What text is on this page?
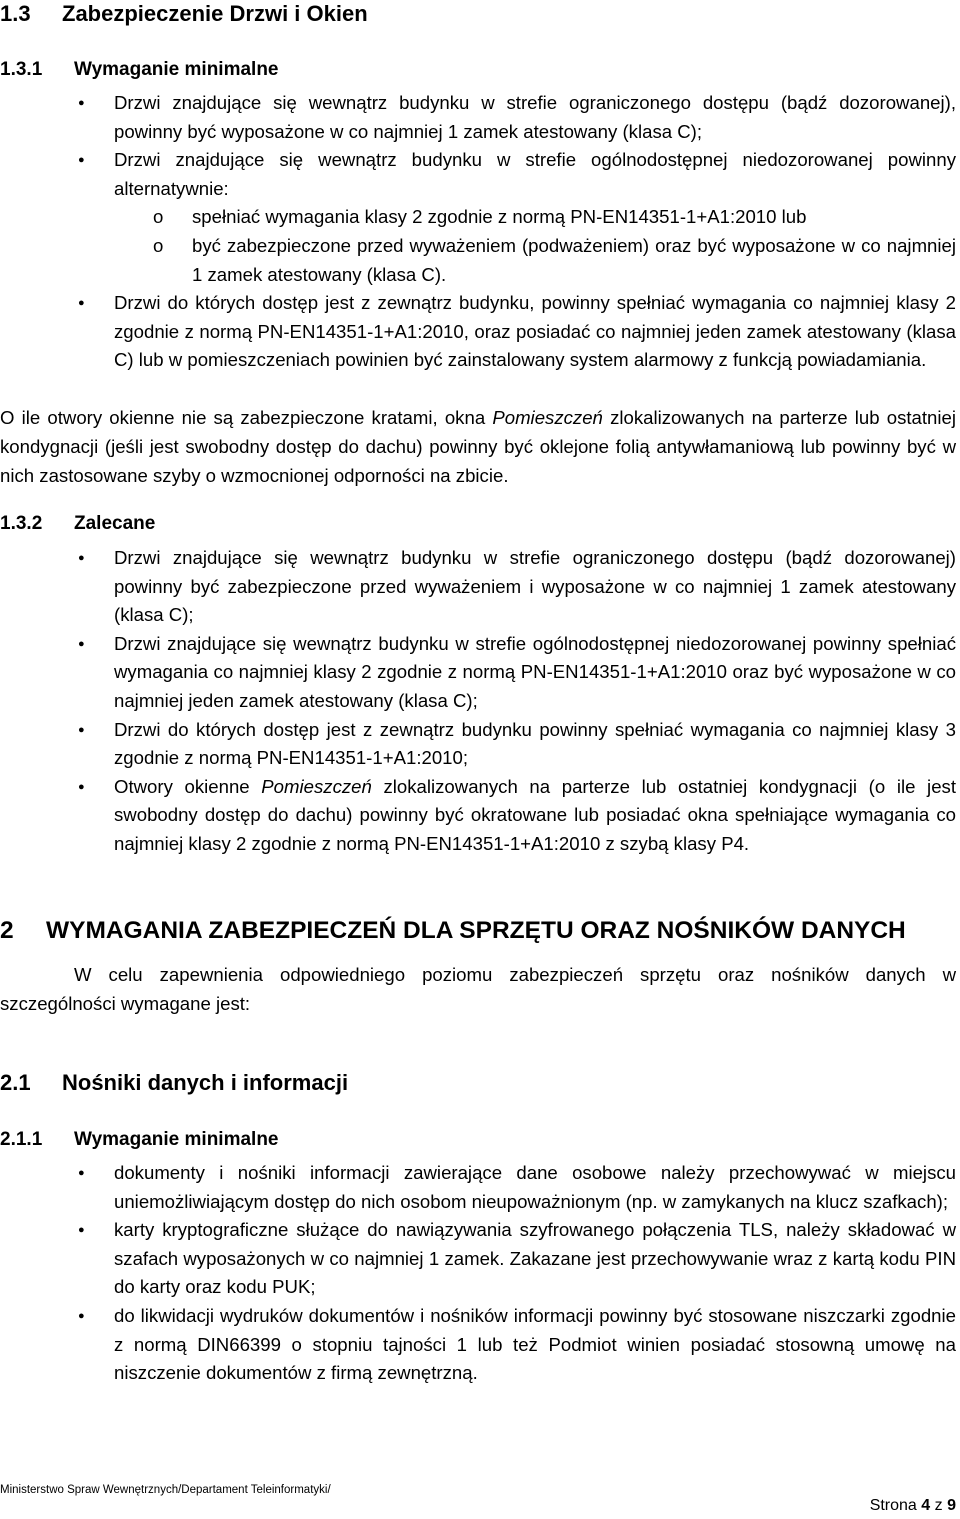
1.3 Zabezpieczenie Drzwi i Okien
1.3.1 Wymaganie minimalne
● Drzwi znajdujące się wewnątrz budynku w strefie ograniczonego dostępu (bądź dozorowanej), powinny być wyposażone w co najmniej 1 zamek atestowany (klasa C);
● Drzwi znajdujące się wewnątrz budynku w strefie ogólnodostępnej niedozorowanej powinny alternatywnie:
o spełniać wymagania klasy 2 zgodnie z normą PN-EN14351-1+A1:2010 lub
o być zabezpieczone przed wyważeniem (podważeniem) oraz być wyposażone w co najmniej 1 zamek atestowany (klasa C).
● Drzwi do których dostęp jest z zewnątrz budynku, powinny spełniać wymagania co najmniej klasy 2 zgodnie z normą PN-EN14351-1+A1:2010, oraz posiadać co najmniej jeden zamek atestowany (klasa C) lub w pomieszczeniach powinien być zainstalowany system alarmowy z funkcją powiadamiania.

O ile otwory okienne nie są zabezpieczone kratami, okna Pomieszczeń zlokalizowanych na parterze lub ostatniej kondygnacji (jeśli jest swobodny dostęp do dachu) powinny być oklejone folią antywłamaniową lub powinny być w nich zastosowane szyby o wzmocnionej odporności na zbicie.

1.3.2 Zalecane
● Drzwi znajdujące się wewnątrz budynku w strefie ograniczonego dostępu (bądź dozorowanej) powinny być zabezpieczone przed wyważeniem i wyposażone w co najmniej 1 zamek atestowany (klasa C);
● Drzwi znajdujące się wewnątrz budynku w strefie ogólnodostępnej niedozorowanej powinny spełniać wymagania co najmniej klasy 2 zgodnie z normą PN-EN14351-1+A1:2010 oraz być wyposażone w co najmniej jeden zamek atestowany (klasa C);
● Drzwi do których dostęp jest z zewnątrz budynku powinny spełniać wymagania co najmniej klasy 3 zgodnie z normą PN-EN14351-1+A1:2010;
● Otwory okienne Pomieszczeń zlokalizowanych na parterze lub ostatniej kondygnacji (o ile jest swobodny dostęp do dachu) powinny być okratowane lub posiadać okna spełniające wymagania co najmniej klasy 2 zgodnie z normą PN-EN14351-1+A1:2010 z szybą klasy P4.
2 WYMAGANIA ZABEZPIECZEŃ DLA SPRZĘTU ORAZ NOŚNIKÓW DANYCH

W celu zapewnienia odpowiedniego poziomu zabezpieczeń sprzętu oraz nośników danych w szczególności wymagane jest:

2.1 Nośniki danych i informacji
2.1.1 Wymaganie minimalne
● dokumenty i nośniki informacji zawierające dane osobowe należy przechowywać w miejscu uniemożliwiającym dostęp do nich osobom nieupoważnionym (np. w zamykanych na klucz szafkach);
● karty kryptograficzne służące do nawiązywania szyfrowanego połączenia TLS, należy składować w szafach wyposażonych w co najmniej 1 zamek. Zakazane jest przechowywanie wraz z kartą kodu PIN do karty oraz kodu PUK;
● do likwidacji wydruków dokumentów i nośników informacji powinny być stosowane niszczarki zgodnie z normą DIN66399 o stopniu tajności 1 lub też Podmiot winien posiadać stosowną umowę na niszczenie dokumentów z firmą zewnętrzną.
Ministerstwo Spraw Wewnętrznych/Departament Teleinformatyki/
Strona 4 z 9
